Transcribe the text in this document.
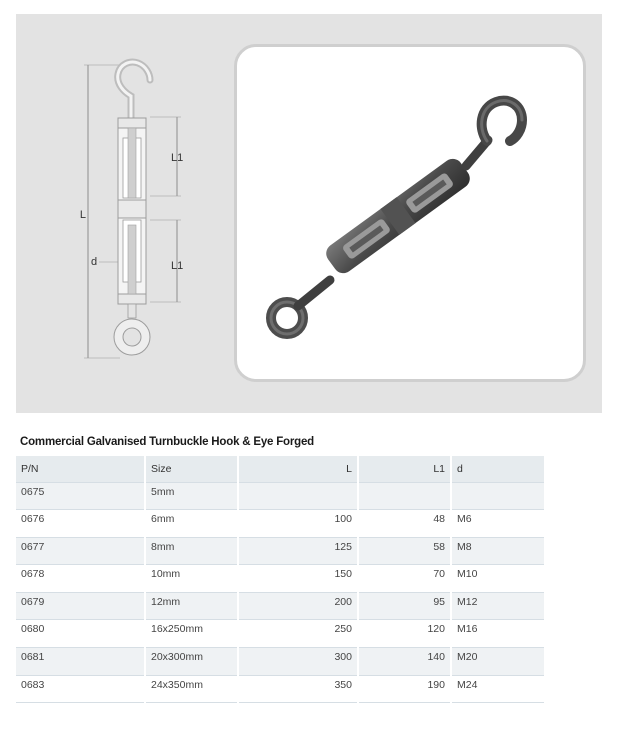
L
L1
L1
d
Commercial Galvanised Turnbuckle Hook & Eye Forged
P/N	Size	L	L1	d
0675	5mm			
0676	6mm	100	48	M6
0677	8mm	125	58	M8
0678	10mm	150	70	M10
0679	12mm	200	95	M12
0680	16x250mm	250	120	M16
0681	20x300mm	300	140	M20
0683	24x350mm	350	190	M24
